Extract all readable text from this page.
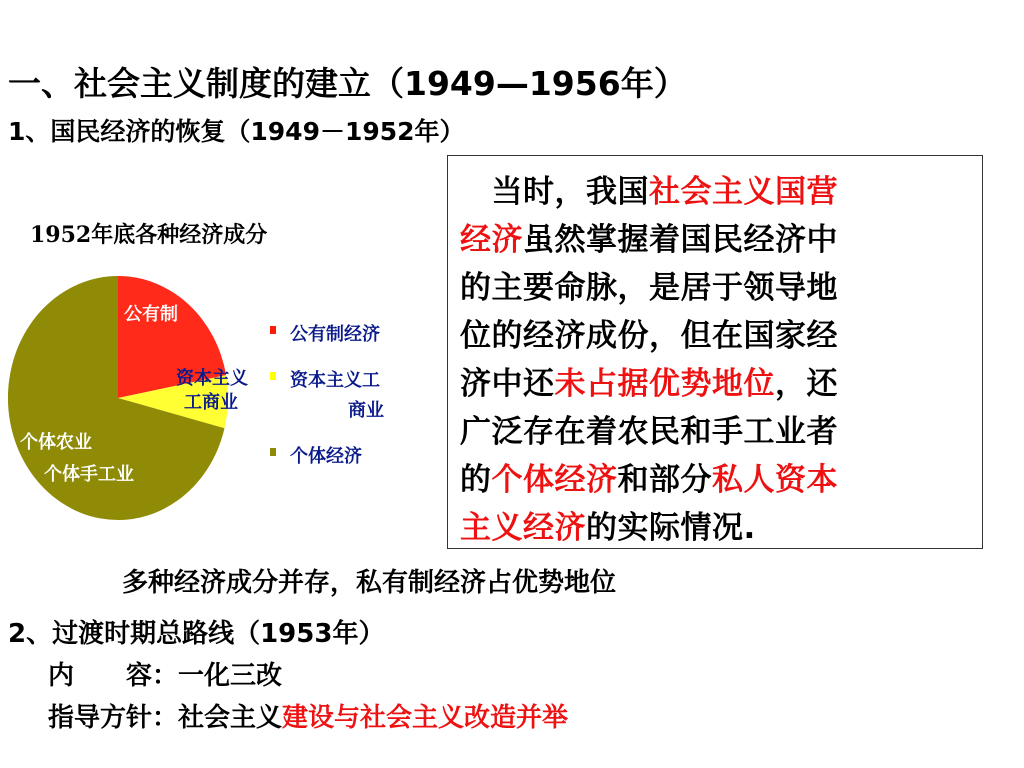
一、社会主义制度的建立（1949—1956年）
1、国民经济的恢复（1949－1952年）
1952年底各种经济成分
公有制
资本主义
工商业
个体农业
个体手工业
公有制经济
资本主义工
商业
个体经济
　当时，我国社会主义国营
经济虽然掌握着国民经济中
的主要命脉，是居于领导地
位的经济成份，但在国家经
济中还未占据优势地位，还
广泛存在着农民和手工业者
的个体经济和部分私人资本
主义经济的实际情况.
多种经济成分并存，私有制经济占优势地位
2、过渡时期总路线（1953年）
内　　容：一化三改
指导方针：社会主义建设与社会主义改造并举
